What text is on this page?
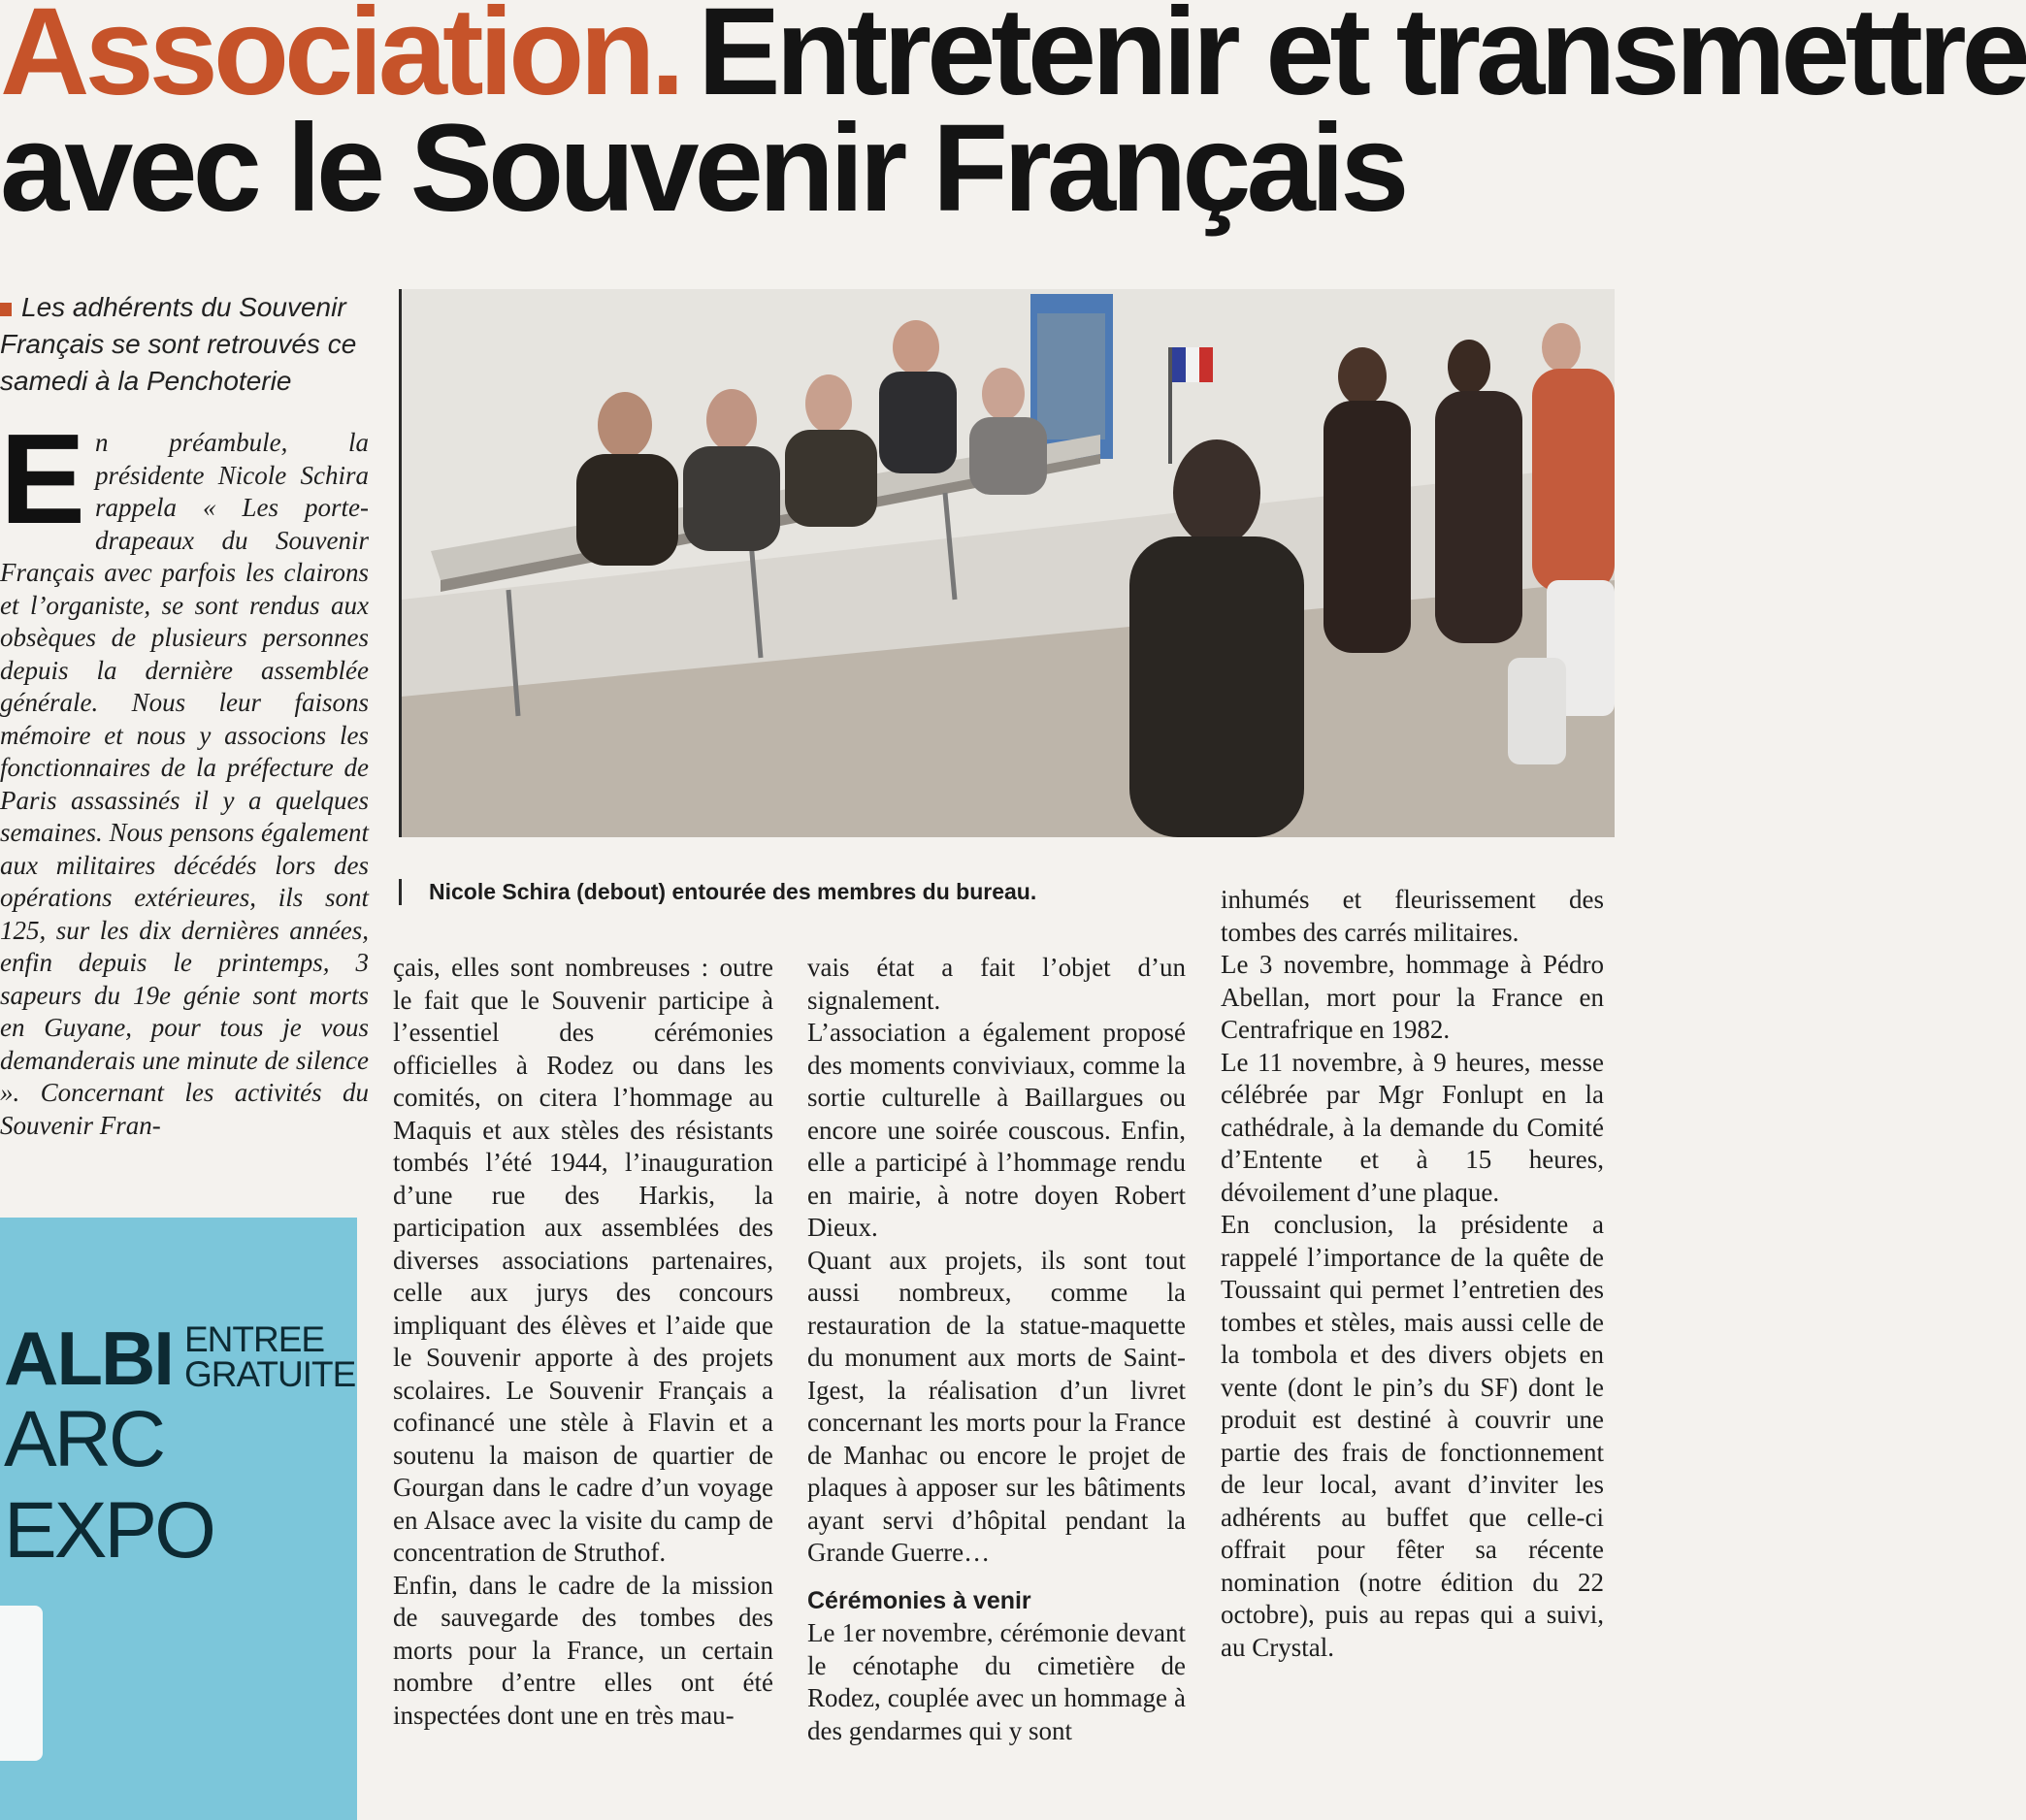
Association. Entretenir et transmettre
avec le Souvenir Français
Les adhérents du Souvenir Français se sont retrouvés ce samedi à la Penchoterie
E n préambule, la présidente Nicole Schira rappela « Les porte-drapeaux du Souvenir Français avec parfois les clairons et l’organiste, se sont rendus aux obsèques de plusieurs personnes depuis la dernière assemblée générale. Nous leur faisons mémoire et nous y associons les fonctionnaires de la préfecture de Paris assassinés il y a quelques semaines. Nous pensons également aux militaires décédés lors des opérations extérieures, ils sont 125, sur les dix dernières années, enfin depuis le printemps, 3 sapeurs du 19e génie sont morts en Guyane, pour tous je vous demanderais une minute de silence ». Concernant les activités du Souvenir Fran-

Nicole Schira (debout) entourée des membres du bureau.

çais, elles sont nombreuses : outre le fait que le Souvenir participe à l’essentiel des cérémonies officielles à Rodez ou dans les comités, on citera l’hommage au Maquis et aux stèles des résistants tombés l’été 1944, l’inauguration d’une rue des Harkis, la participation aux assemblées des diverses associations partenaires, celle aux jurys des concours impliquant des élèves et l’aide que le Souvenir apporte à des projets scolaires. Le Souvenir Français a cofinancé une stèle à Flavin et a soutenu la maison de quartier de Gourgan dans le cadre d’un voyage en Alsace avec la visite du camp de concentration de Struthof.

Enfin, dans le cadre de la mission de sauvegarde des tombes des morts pour la France, un certain nombre d’entre elles ont été inspectées dont une en très mau-

vais état a fait l’objet d’un signalement.

L’association a également proposé des moments conviviaux, comme la sortie culturelle à Baillargues ou encore une soirée couscous. Enfin, elle a participé à l’hommage rendu en mairie, à notre doyen Robert Dieux.

Quant aux projets, ils sont tout aussi nombreux, comme la restauration de la statue-maquette du monument aux morts de Saint-Igest, la réalisation d’un livret concernant les morts pour la France de Manhac ou encore le projet de plaques à apposer sur les bâtiments ayant servi d’hôpital pendant la Grande Guerre…

Cérémonies à venir

Le 1er novembre, cérémonie devant le cénotaphe du cimetière de Rodez, couplée avec un hommage à des gendarmes qui y sont

inhumés et fleurissement des tombes des carrés militaires.

Le 3 novembre, hommage à Pédro Abellan, mort pour la France en Centrafrique en 1982.

Le 11 novembre, à 9 heures, messe célébrée par Mgr Fonlupt en la cathédrale, à la demande du Comité d’Entente et à 15 heures, dévoilement d’une plaque.

En conclusion, la présidente a rappelé l’importance de la quête de Toussaint qui permet l’entretien des tombes et stèles, mais aussi celle de la tombola et des divers objets en vente (dont le pin’s du SF) dont le produit est destiné à couvrir une partie des frais de fonctionnement de leur local, avant d’inviter les adhérents au buffet que celle-ci offrait pour fêter sa récente nomination (notre édition du 22 octobre), puis au repas qui a suivi, au Crystal.

ALBI ENTREE
GRATUITE
ARC EXPO
